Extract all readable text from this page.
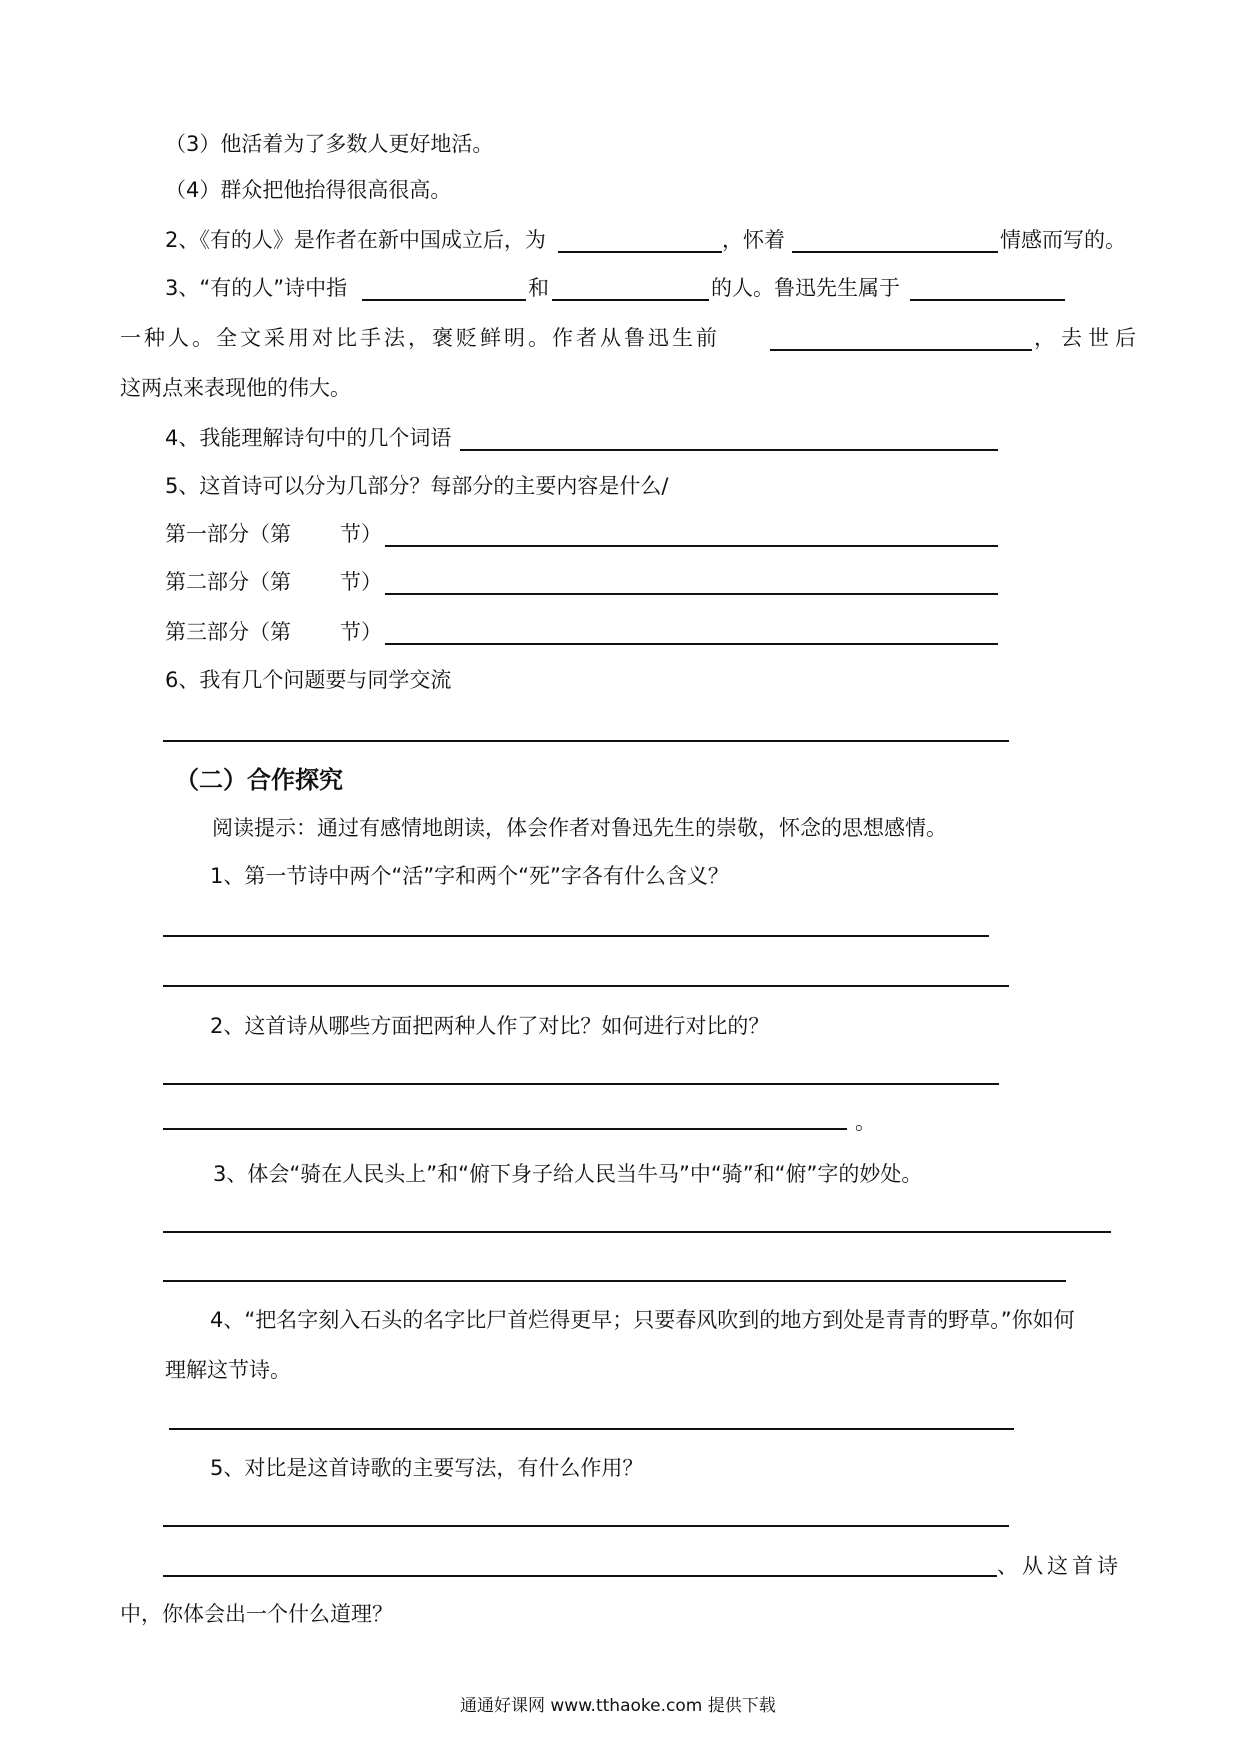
（3）他活着为了多数人更好地活。
（4）群众把他抬得很高很高。
2、《有的人》是作者在新中国成立后，为	，怀着	情感而写的。
3、“有的人”诗中指	和	的人。鲁迅先生属于
一种人。全文采用对比手法，褒贬鲜明。作者从鲁迅生前	，去世后
这两点来表现他的伟大。
4、我能理解诗句中的几个词语
5、这首诗可以分为几部分？每部分的主要内容是什么/
第一部分（第 节）
第二部分（第 节）
第三部分（第 节）
6、我有几个问题要与同学交流
（二）合作探究
阅读提示：通过有感情地朗读，体会作者对鲁迅先生的崇敬，怀念的思想感情。
1、第一节诗中两个“活”字和两个“死”字各有什么含义？
2、这首诗从哪些方面把两种人作了对比？如何进行对比的？
。
3、体会“骑在人民头上”和“俯下身子给人民当牛马”中“骑”和“俯”字的妙处。
4、“把名字刻入石头的名字比尸首烂得更早；只要春风吹到的地方到处是青青的野草。”你如何
理解这节诗。
5、对比是这首诗歌的主要写法，有什么作用？
、从这首诗
中，你体会出一个什么道理？
通通好课网 www.tthaoke.com 提供下载
